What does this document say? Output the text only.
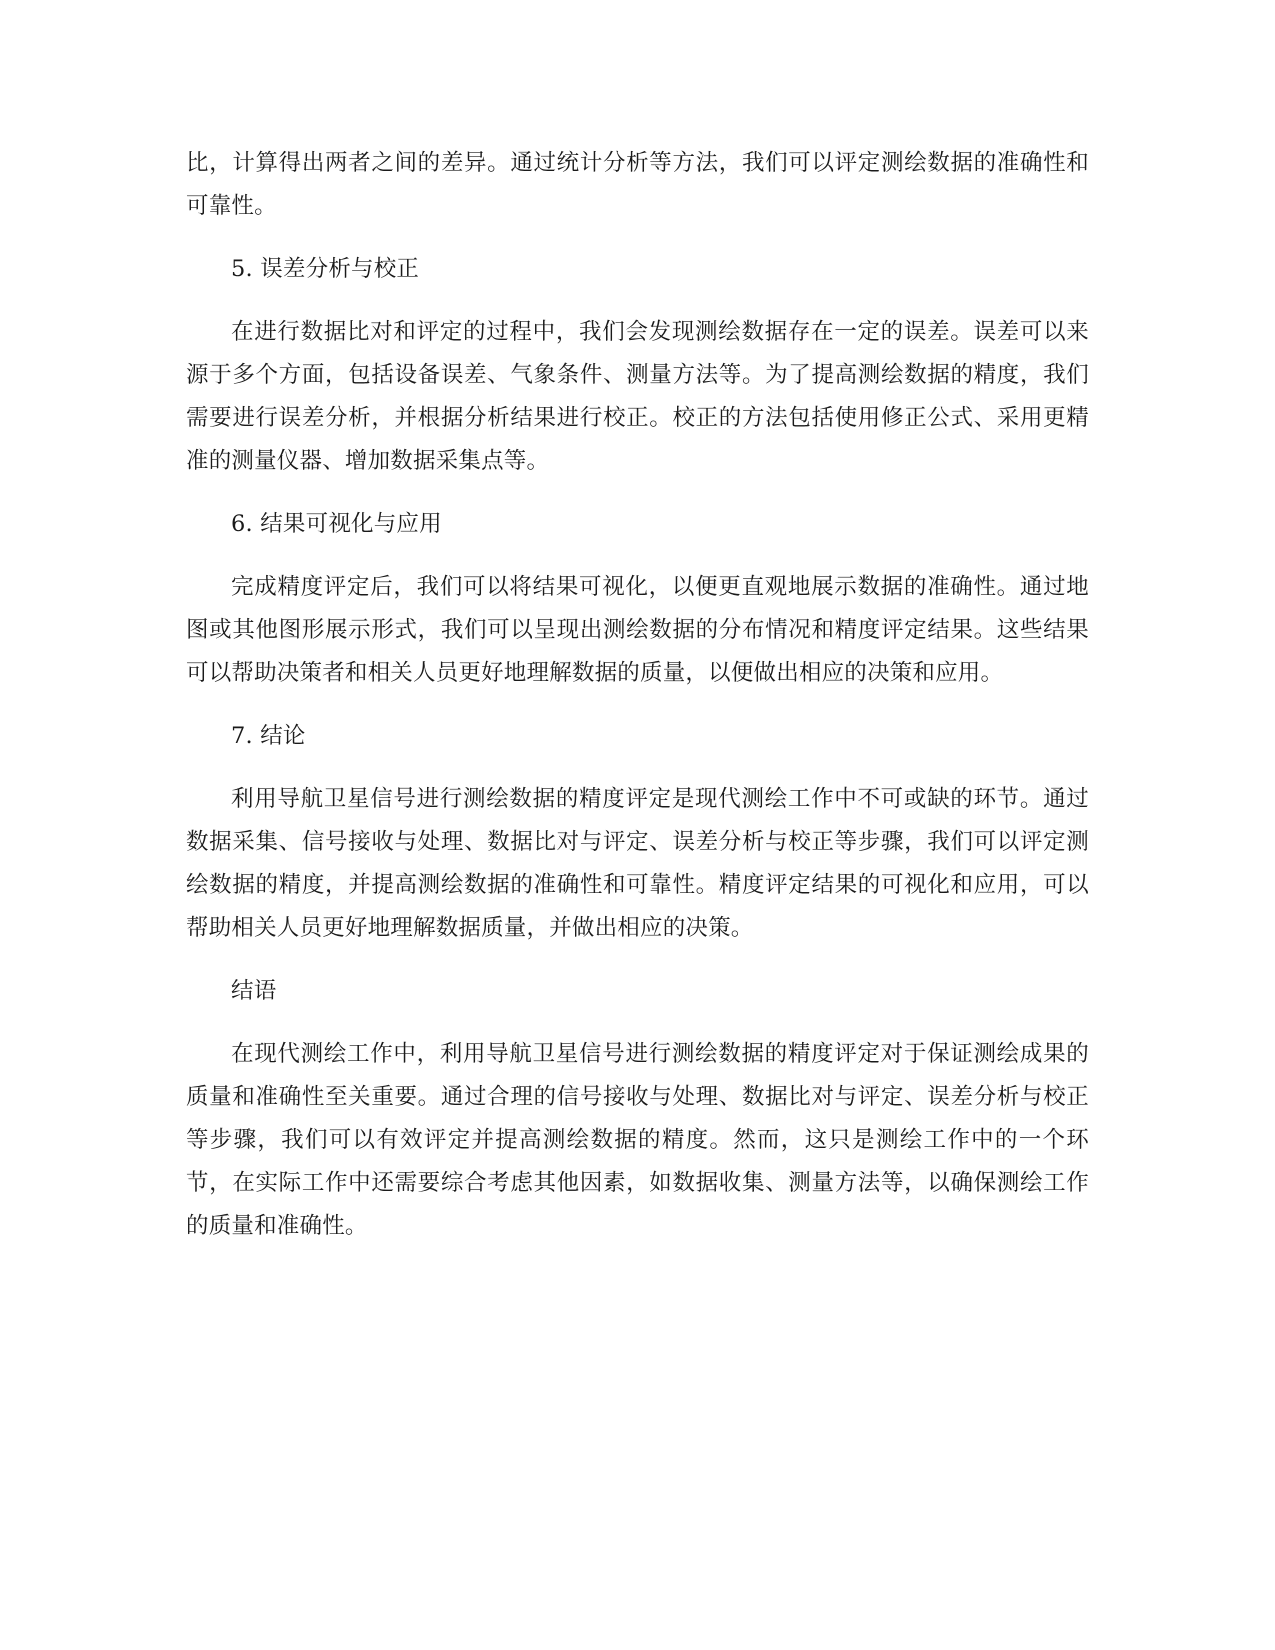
比，计算得出两者之间的差异。通过统计分析等方法，我们可以评定测绘数据的准确性和可靠性。

5. 误差分析与校正

在进行数据比对和评定的过程中，我们会发现测绘数据存在一定的误差。误差可以来源于多个方面，包括设备误差、气象条件、测量方法等。为了提高测绘数据的精度，我们需要进行误差分析，并根据分析结果进行校正。校正的方法包括使用修正公式、采用更精准的测量仪器、增加数据采集点等。

6. 结果可视化与应用

完成精度评定后，我们可以将结果可视化，以便更直观地展示数据的准确性。通过地图或其他图形展示形式，我们可以呈现出测绘数据的分布情况和精度评定结果。这些结果可以帮助决策者和相关人员更好地理解数据的质量，以便做出相应的决策和应用。

7. 结论

利用导航卫星信号进行测绘数据的精度评定是现代测绘工作中不可或缺的环节。通过数据采集、信号接收与处理、数据比对与评定、误差分析与校正等步骤，我们可以评定测绘数据的精度，并提高测绘数据的准确性和可靠性。精度评定结果的可视化和应用，可以帮助相关人员更好地理解数据质量，并做出相应的决策。

结语

在现代测绘工作中，利用导航卫星信号进行测绘数据的精度评定对于保证测绘成果的质量和准确性至关重要。通过合理的信号接收与处理、数据比对与评定、误差分析与校正等步骤，我们可以有效评定并提高测绘数据的精度。然而，这只是测绘工作中的一个环节，在实际工作中还需要综合考虑其他因素，如数据收集、测量方法等，以确保测绘工作的质量和准确性。
